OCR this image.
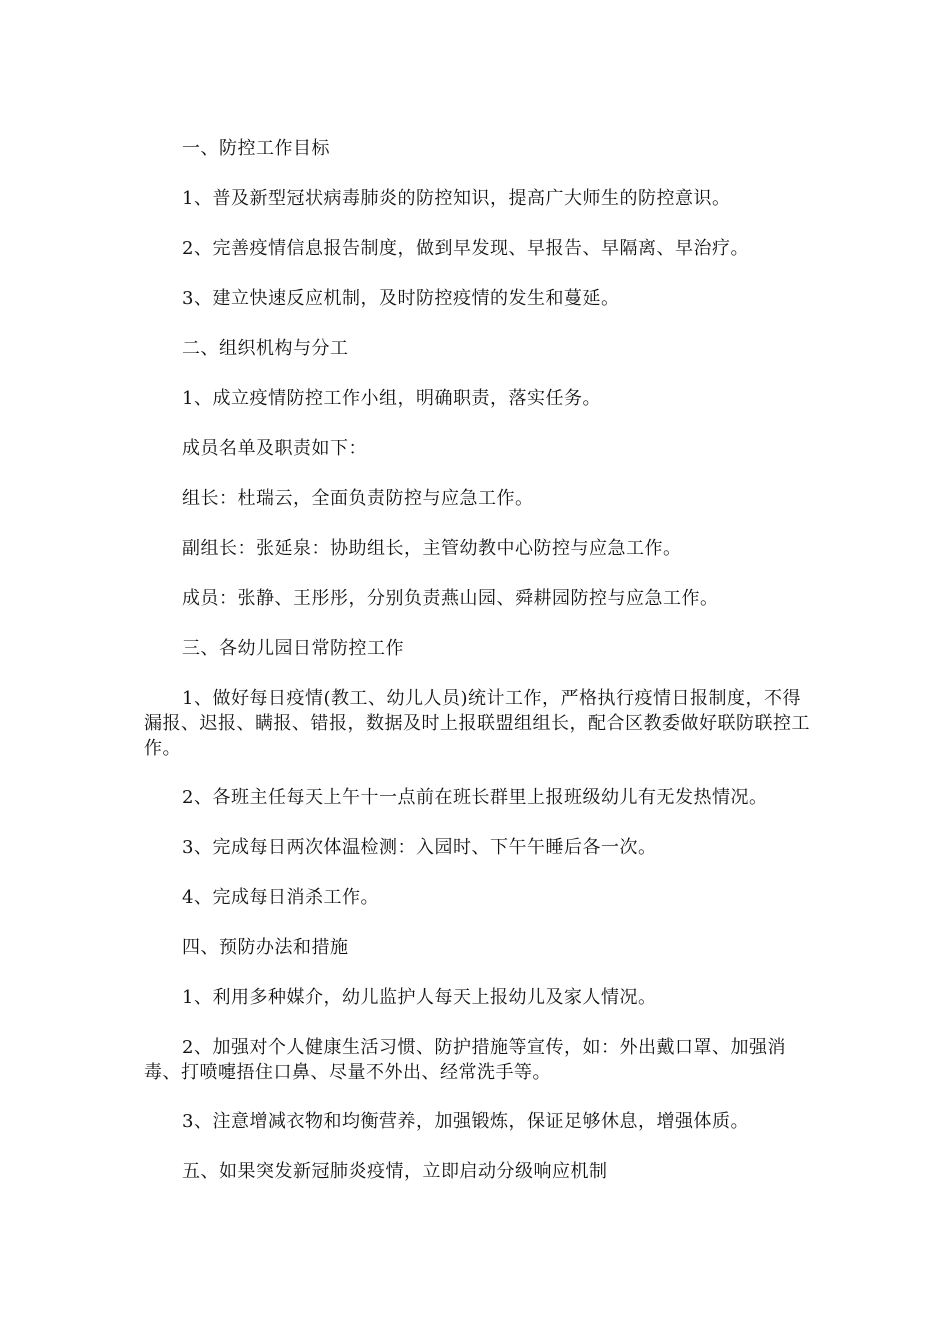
一、防控工作目标

1、普及新型冠状病毒肺炎的防控知识，提高广大师生的防控意识。

2、完善疫情信息报告制度，做到早发现、早报告、早隔离、早治疗。

3、建立快速反应机制，及时防控疫情的发生和蔓延。

二、组织机构与分工

1、成立疫情防控工作小组，明确职责，落实任务。

成员名单及职责如下：

组长：杜瑞云，全面负责防控与应急工作。

副组长：张延泉：协助组长，主管幼教中心防控与应急工作。

成员：张静、王彤彤，分别负责燕山园、舜耕园防控与应急工作。

三、各幼儿园日常防控工作

1、做好每日疫情(教工、幼儿人员)统计工作，严格执行疫情日报制度，不得漏报、迟报、瞒报、错报，数据及时上报联盟组组长，配合区教委做好联防联控工作。

2、各班主任每天上午十一点前在班长群里上报班级幼儿有无发热情况。

3、完成每日两次体温检测：入园时、下午午睡后各一次。

4、完成每日消杀工作。

四、预防办法和措施

1、利用多种媒介，幼儿监护人每天上报幼儿及家人情况。

2、加强对个人健康生活习惯、防护措施等宣传，如：外出戴口罩、加强消毒、打喷嚏捂住口鼻、尽量不外出、经常洗手等。

3、注意增减衣物和均衡营养，加强锻炼，保证足够休息，增强体质。

五、如果突发新冠肺炎疫情，立即启动分级响应机制
